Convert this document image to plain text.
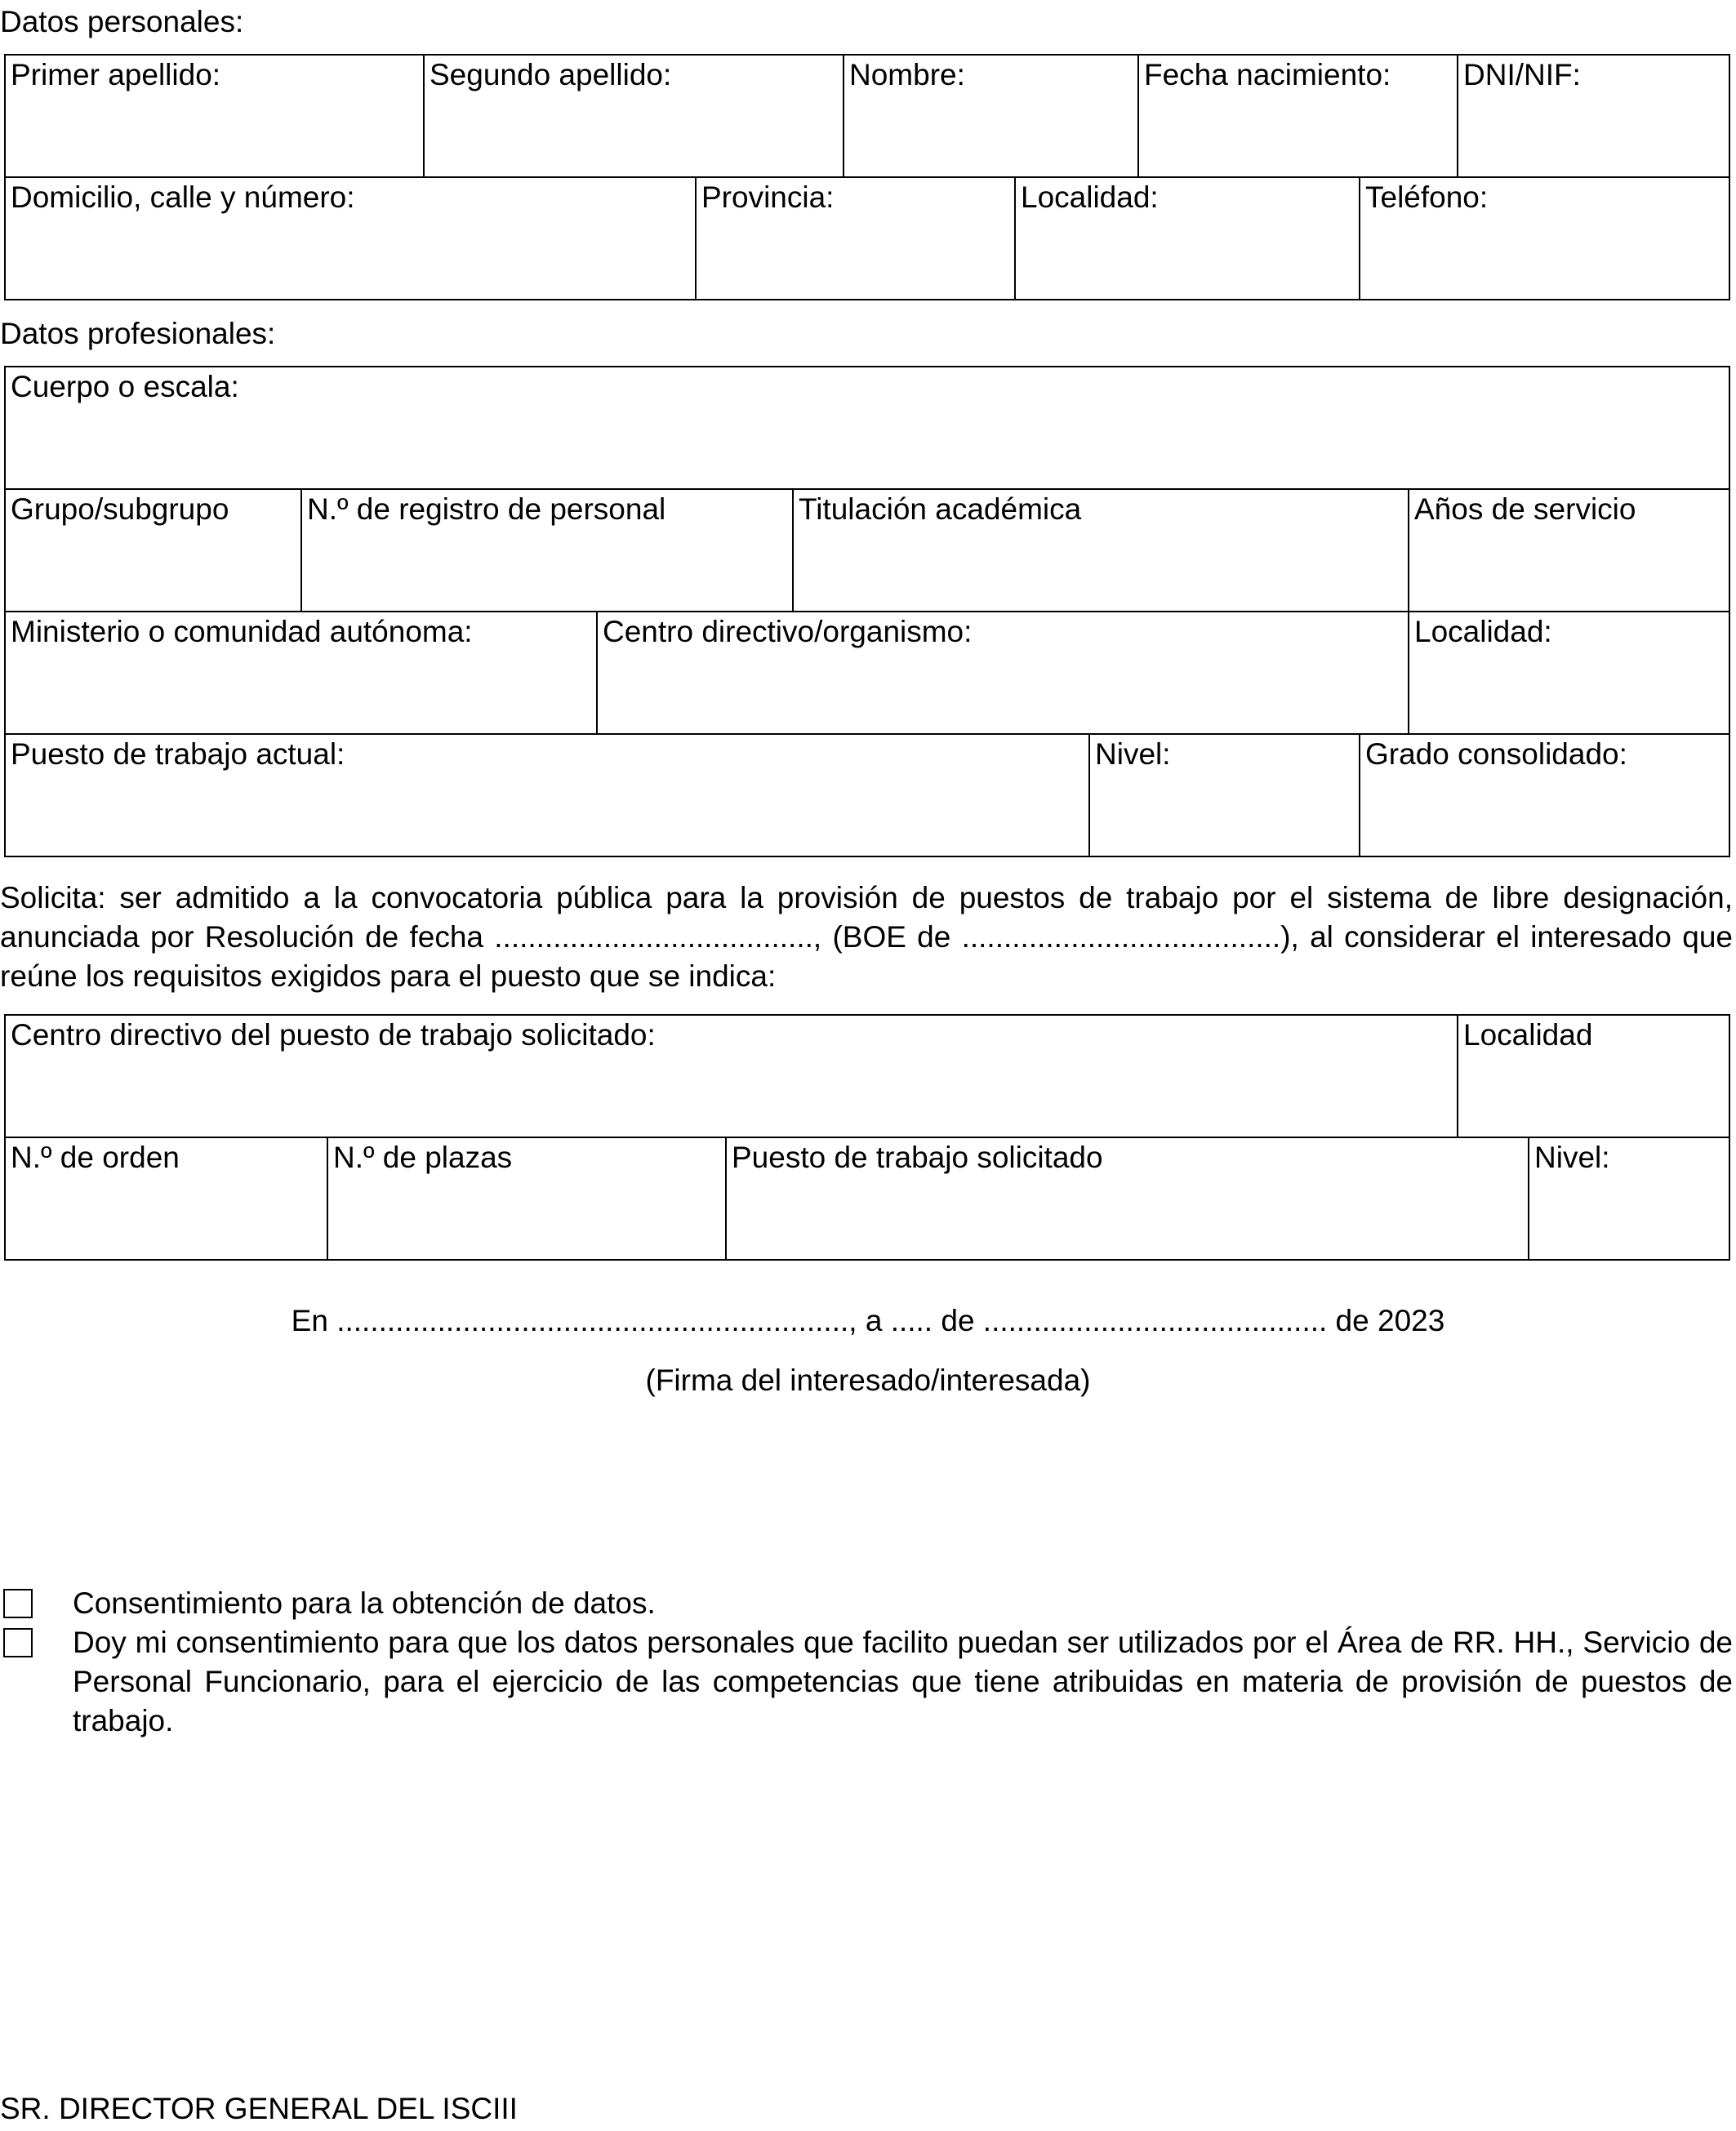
Datos personales:
Primer apellido:	Segundo apellido:	Nombre:	Fecha nacimiento:	DNI/NIF:
Domicilio, calle y número:	Provincia:	Localidad:	Teléfono:
Datos profesionales:
Cuerpo o escala:
Grupo/subgrupo	N.º de registro de personal	Titulación académica	Años de servicio
Ministerio o comunidad autónoma:	Centro directivo/organismo:	Localidad:
Puesto de trabajo actual:	Nivel:	Grado consolidado:
Solicita: ser admitido a la convocatoria pública para la provisión de puestos de trabajo por el sistema de libre designación, anunciada por Resolución de fecha ......................................, (BOE de ......................................), al considerar el interesado que reúne los requisitos exigidos para el puesto que se indica:
Centro directivo del puesto de trabajo solicitado:	Localidad
N.º de orden	N.º de plazas	Puesto de trabajo solicitado	Nivel:
En ............................................................., a ..... de ......................................... de 2023
(Firma del interesado/interesada)
Consentimiento para la obtención de datos.
Doy mi consentimiento para que los datos personales que facilito puedan ser utilizados por el Área de RR. HH., Servicio de Personal Funcionario, para el ejercicio de las competencias que tiene atribuidas en materia de provisión de puestos de trabajo.
SR. DIRECTOR GENERAL DEL ISCIII
